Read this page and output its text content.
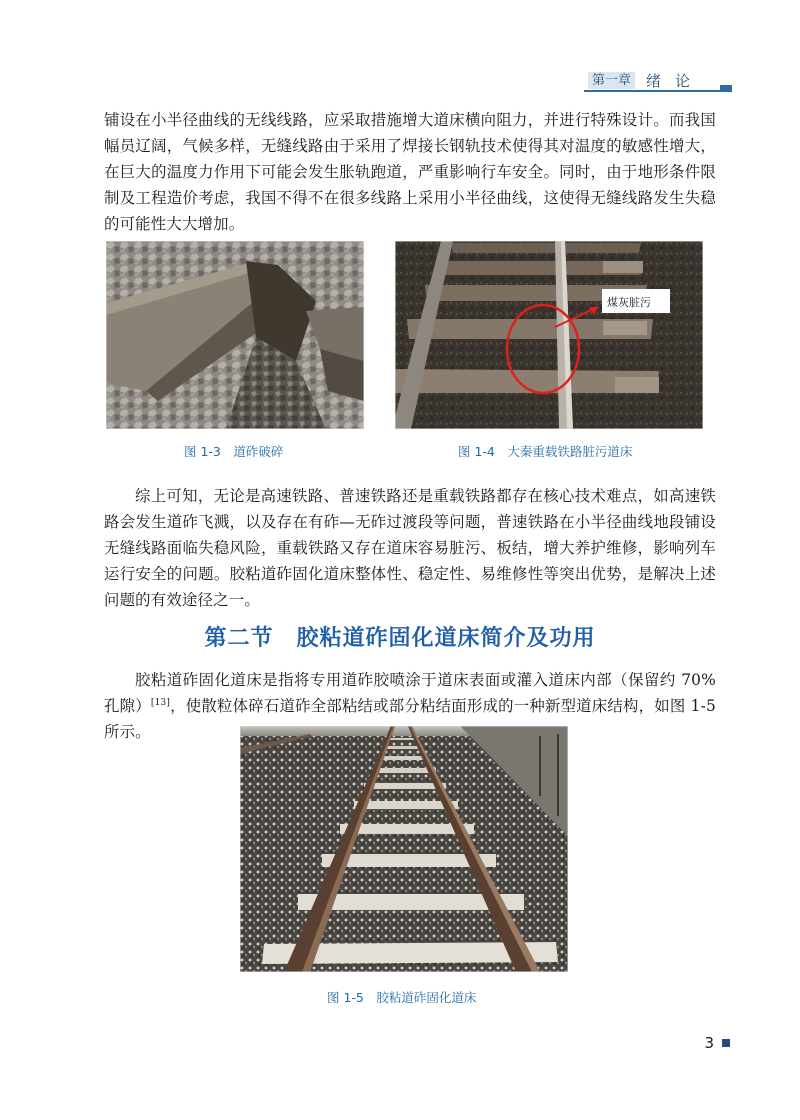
第一章 绪论

铺设在小半径曲线的无线线路，应采取措施增大道床横向阻力，并进行特殊设计。而我国幅员辽阔，气候多样，无缝线路由于采用了焊接长钢轨技术使得其对温度的敏感性增大，在巨大的温度力作用下可能会发生胀轨跑道，严重影响行车安全。同时，由于地形条件限制及工程造价考虑，我国不得不在很多线路上采用小半径曲线，这使得无缝线路发生失稳的可能性大大增加。

图 1-3　道砟破碎
煤灰脏污
图 1-4　大秦重载铁路脏污道床

综上可知，无论是高速铁路、普速铁路还是重载铁路都存在核心技术难点，如高速铁路会发生道砟飞溅，以及存在有砟—无砟过渡段等问题，普速铁路在小半径曲线地段铺设无缝线路面临失稳风险，重载铁路又存在道床容易脏污、板结，增大养护维修，影响列车运行安全的问题。胶粘道砟固化道床整体性、稳定性、易维修性等突出优势，是解决上述问题的有效途径之一。

第二节　胶粘道砟固化道床简介及功用

胶粘道砟固化道床是指将专用道砟胶喷涂于道床表面或灌入道床内部（保留约 70%孔隙）[13]，使散粒体碎石道砟全部粘结或部分粘结面形成的一种新型道床结构，如图 1-5 所示。

图 1-5　胶粘道砟固化道床
3
